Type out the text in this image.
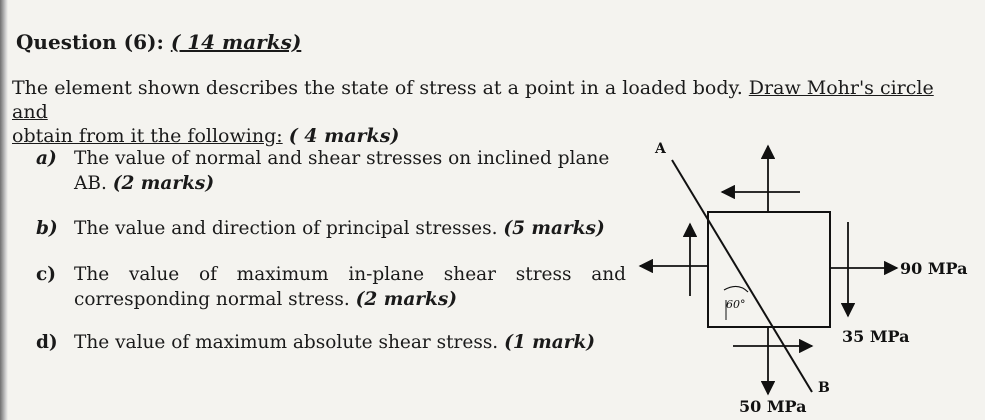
Question (6): ( 14 marks)
The element shown describes the state of stress at a point in a loaded body. Draw Mohr's circle and
obtain from it the following: ( 4 marks)
a) The value of normal and shear stresses on inclined plane
AB. (2 marks)
b) The value and direction of principal stresses. (5 marks)
c) The value of maximum in-plane shear stress and
corresponding normal stress. (2 marks)
d) The value of maximum absolute shear stress. (1 mark)
A
B
60°
90 MPa
35 MPa
50 MPa
